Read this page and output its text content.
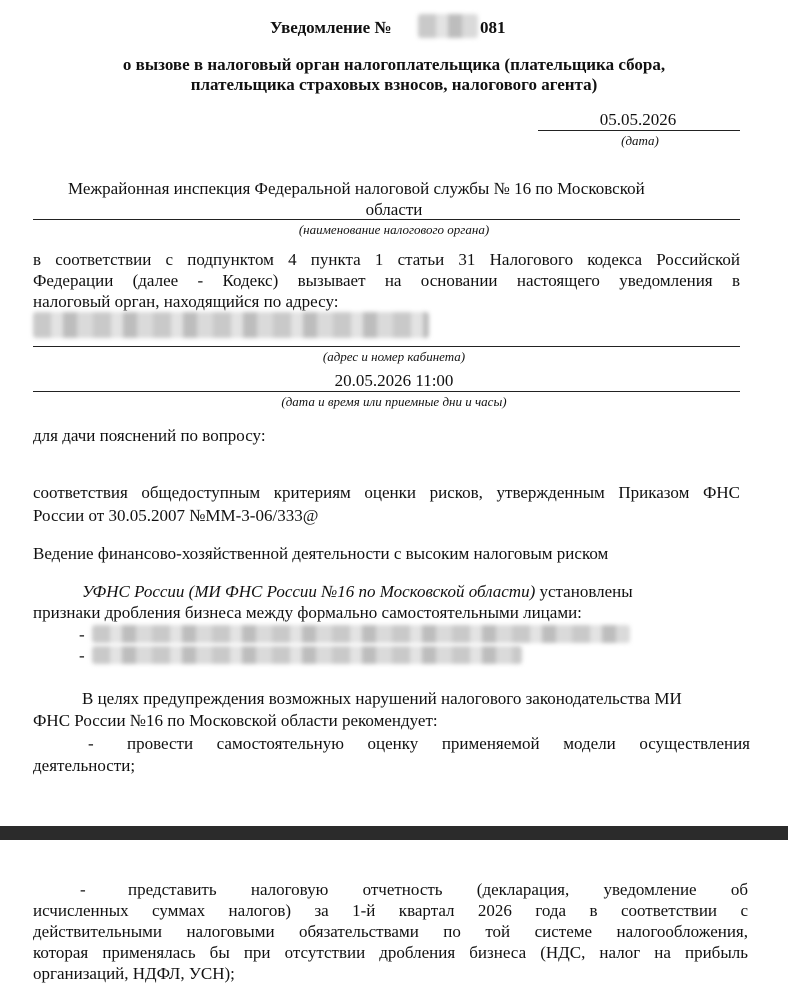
Уведомление №	081
о вызове в налоговый орган налогоплательщика (плательщика сбора,
плательщика страховых взносов, налогового агента)
05.05.2026
(дата)
Межрайонная инспекция Федеральной налоговой службы № 16 по Московской
области
(наименование налогового органа)
в соответствии с подпунктом 4 пункта 1 статьи 31 Налогового кодекса Российской
Федерации (далее - Кодекс) вызывает на основании настоящего уведомления в
налоговый орган, находящийся по адресу:
(адрес и номер кабинета)
20.05.2026 11:00
(дата и время или приемные дни и часы)
для дачи пояснений по вопросу:
соответствия общедоступным критериям оценки рисков, утвержденным Приказом ФНС
России от 30.05.2007 №ММ-3-06/333@
Ведение финансово-хозяйственной деятельности с высоким налоговым риском
УФНС России (МИ ФНС России №16 по Московской области) установлены
признаки дробления бизнеса между формально самостоятельными лицами:
-
-
В целях предупреждения возможных нарушений налогового законодательства МИ
ФНС России №16 по Московской области рекомендует:
- провести самостоятельную оценку применяемой модели осуществления
деятельности;
- представить налоговую отчетность (декларация, уведомление об
исчисленных суммах налогов) за 1-й квартал 2026 года в соответствии с
действительными налоговыми обязательствами по той системе налогообложения,
которая применялась бы при отсутствии дробления бизнеса (НДС, налог на прибыль
организаций, НДФЛ, УСН);
